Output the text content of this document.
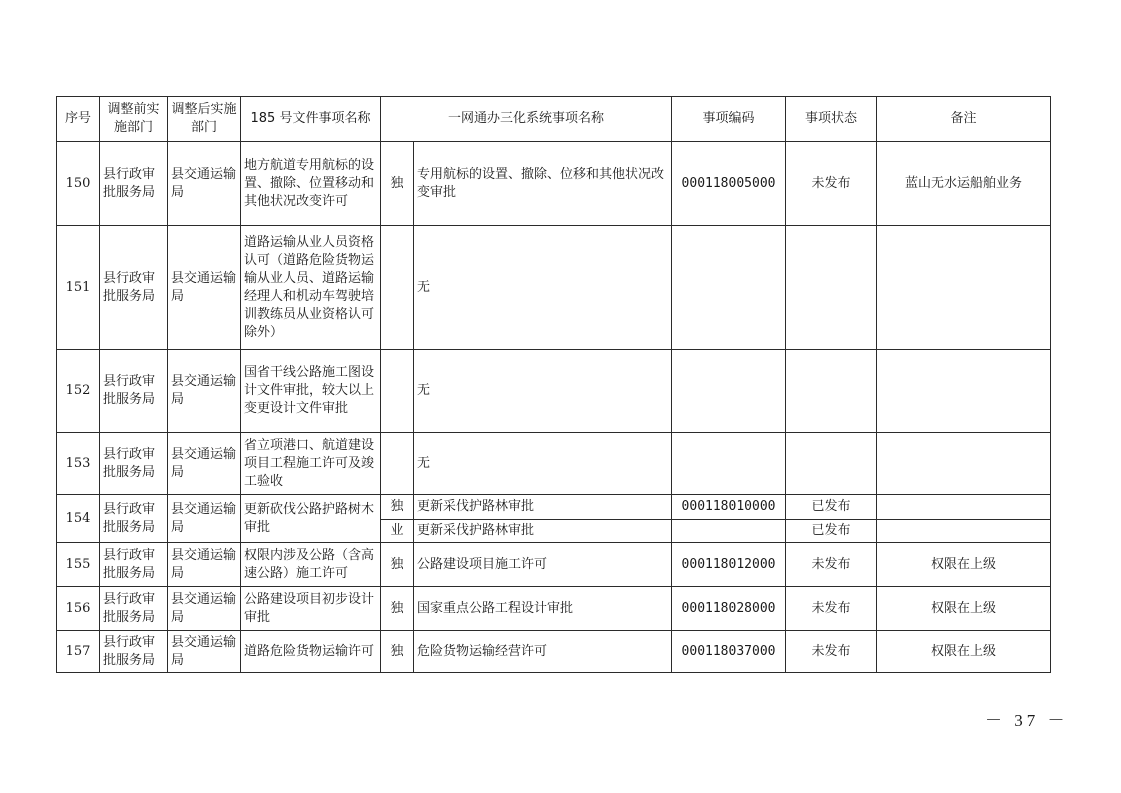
序号	调整前实施部门	调整后实施部门	185 号文件事项名称	一网通办三化系统事项名称		事项编码	事项状态	备注
150	县行政审批服务局	县交通运输局	地方航道专用航标的设置、撤除、位置移动和其他状况改变许可	独	专用航标的设置、撤除、位移和其他状况改变审批	000118005000	未发布	蓝山无水运船舶业务
151	县行政审批服务局	县交通运输局	道路运输从业人员资格认可（道路危险货物运输从业人员、道路运输经理人和机动车驾驶培训教练员从业资格认可除外）		无			
152	县行政审批服务局	县交通运输局	国省干线公路施工图设计文件审批，较大以上变更设计文件审批		无			
153	县行政审批服务局	县交通运输局	省立项港口、航道建设项目工程施工许可及竣工验收		无			
154	县行政审批服务局	县交通运输局	更新砍伐公路护路树木审批	独	更新采伐护路林审批	000118010000	已发布	
				业	更新采伐护路林审批		已发布	
155	县行政审批服务局	县交通运输局	权限内涉及公路（含高速公路）施工许可	独	公路建设项目施工许可	000118012000	未发布	权限在上级
156	县行政审批服务局	县交通运输局	公路建设项目初步设计审批	独	国家重点公路工程设计审批	000118028000	未发布	权限在上级
157	县行政审批服务局	县交通运输局	道路危险货物运输许可	独	危险货物运输经营许可	000118037000	未发布	权限在上级
－ 37 －
